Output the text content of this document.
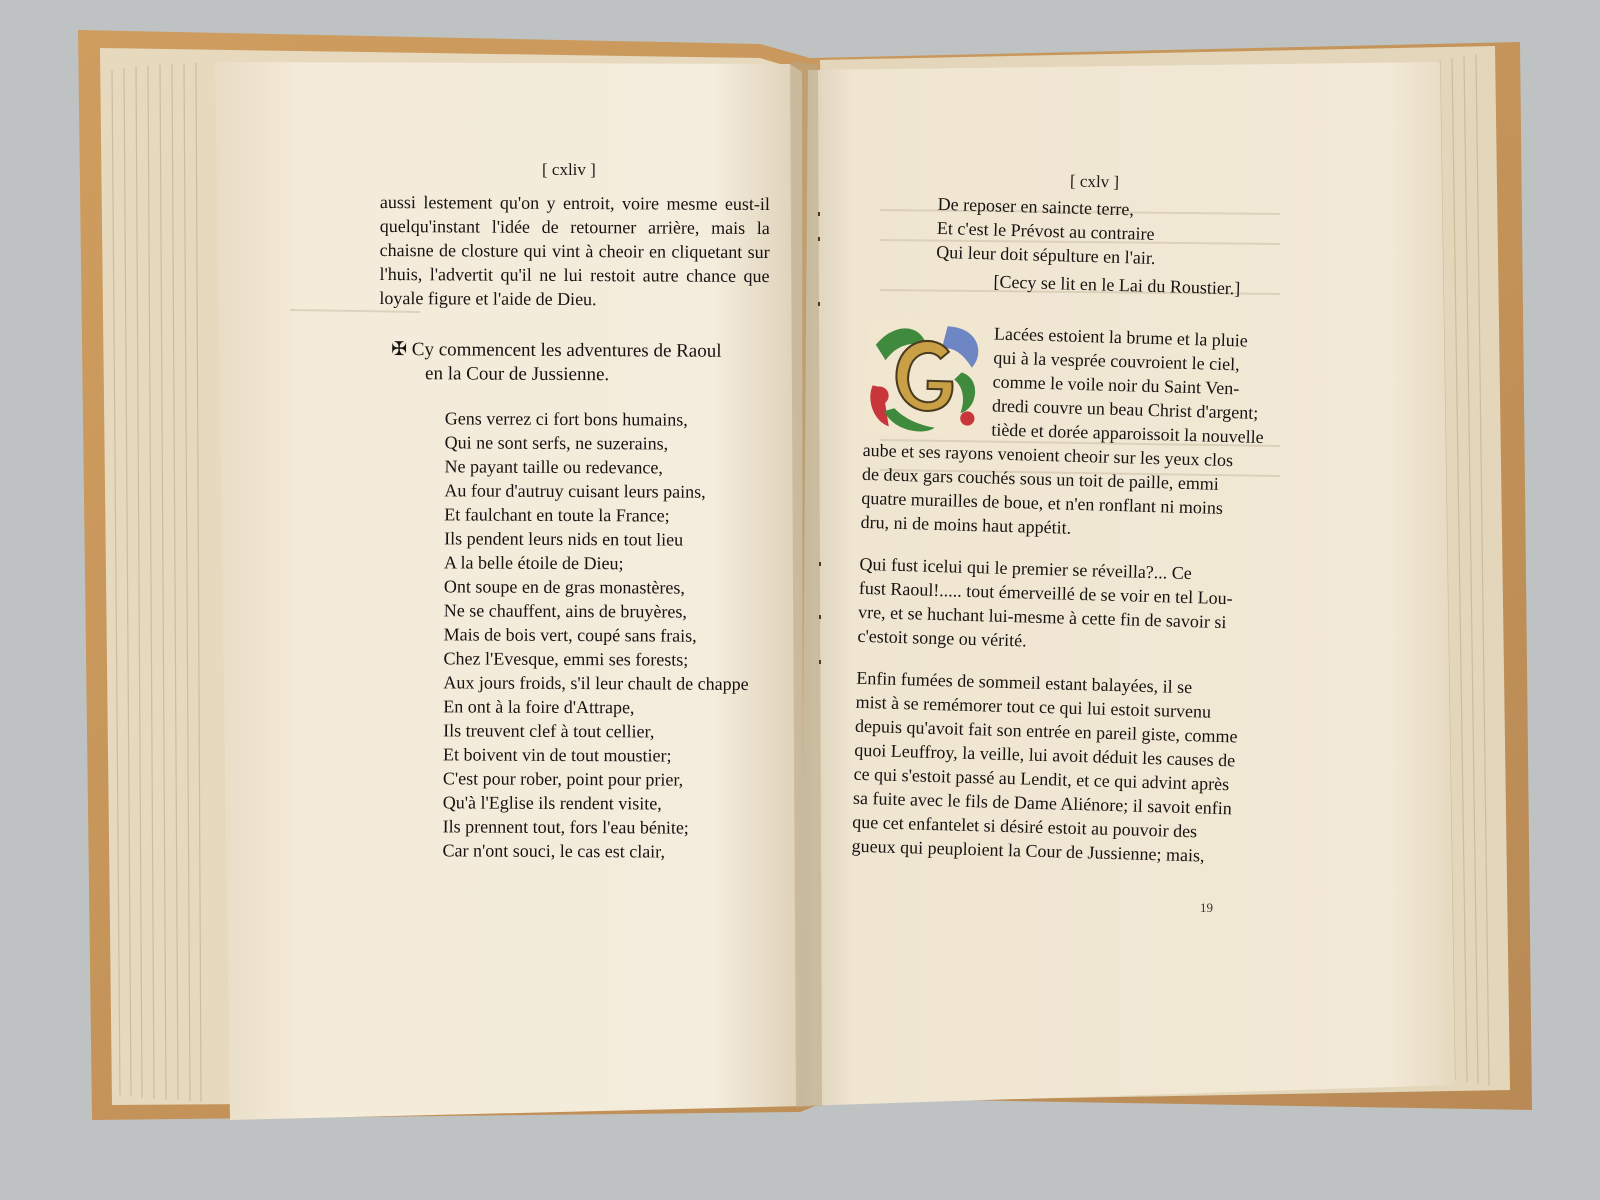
[ cxliv ]
[ cxlv ]
aussi lestement qu'on y entroit, voire mesme eust-il
quelqu'instant l'idée de retourner arrière, mais la
chaisne de closture qui vint à cheoir en cliquetant sur
l'huis, l'advertit qu'il ne lui restoit autre chance que
loyale figure et l'aide de Dieu.
✠ Cy commencent les adventures de Raoul
en la Cour de Jussienne.
Gens verrez ci fort bons humains,
Qui ne sont serfs, ne suzerains,
Ne payant taille ou redevance,
Au four d'autruy cuisant leurs pains,
Et faulchant en toute la France;
Ils pendent leurs nids en tout lieu
A la belle étoile de Dieu;
Ont soupe en de gras monastères,
Ne se chauffent, ains de bruyères,
Mais de bois vert, coupé sans frais,
Chez l'Evesque, emmi ses forests;
Aux jours froids, s'il leur chault de chappe
En ont à la foire d'Attrape,
Ils treuvent clef à tout cellier,
Et boivent vin de tout moustier;
C'est pour rober, point pour prier,
Qu'à l'Eglise ils rendent visite,
Ils prennent tout, fors l'eau bénite;
Car n'ont souci, le cas est clair,
De reposer en saincte terre,
Et c'est le Prévost au contraire
Qui leur doit sépulture en l'air.
[Cecy se lit en le Lai du Roustier.]
Lacées estoient la brume et la pluie
qui à la vesprée couvroient le ciel,
comme le voile noir du Saint Ven-
dredi couvre un beau Christ d'argent;
tiède et dorée apparoissoit la nouvelle
aube et ses rayons venoient cheoir sur les yeux clos
de deux gars couchés sous un toit de paille, emmi
quatre murailles de boue, et n'en ronflant ni moins
dru, ni de moins haut appétit.
Qui fust icelui qui le premier se réveilla?... Ce
fust Raoul!..... tout émerveillé de se voir en tel Lou-
vre, et se huchant lui-mesme à cette fin de savoir si
c'estoit songe ou vérité.
Enfin fumées de sommeil estant balayées, il se
mist à se remémorer tout ce qui lui estoit survenu
depuis qu'avoit fait son entrée en pareil giste, comme
quoi Leuffroy, la veille, lui avoit déduit les causes de
ce qui s'estoit passé au Lendit, et ce qui advint après
sa fuite avec le fils de Dame Aliénore; il savoit enfin
que cet enfantelet si désiré estoit au pouvoir des
gueux qui peuploient la Cour de Jussienne; mais,
19
